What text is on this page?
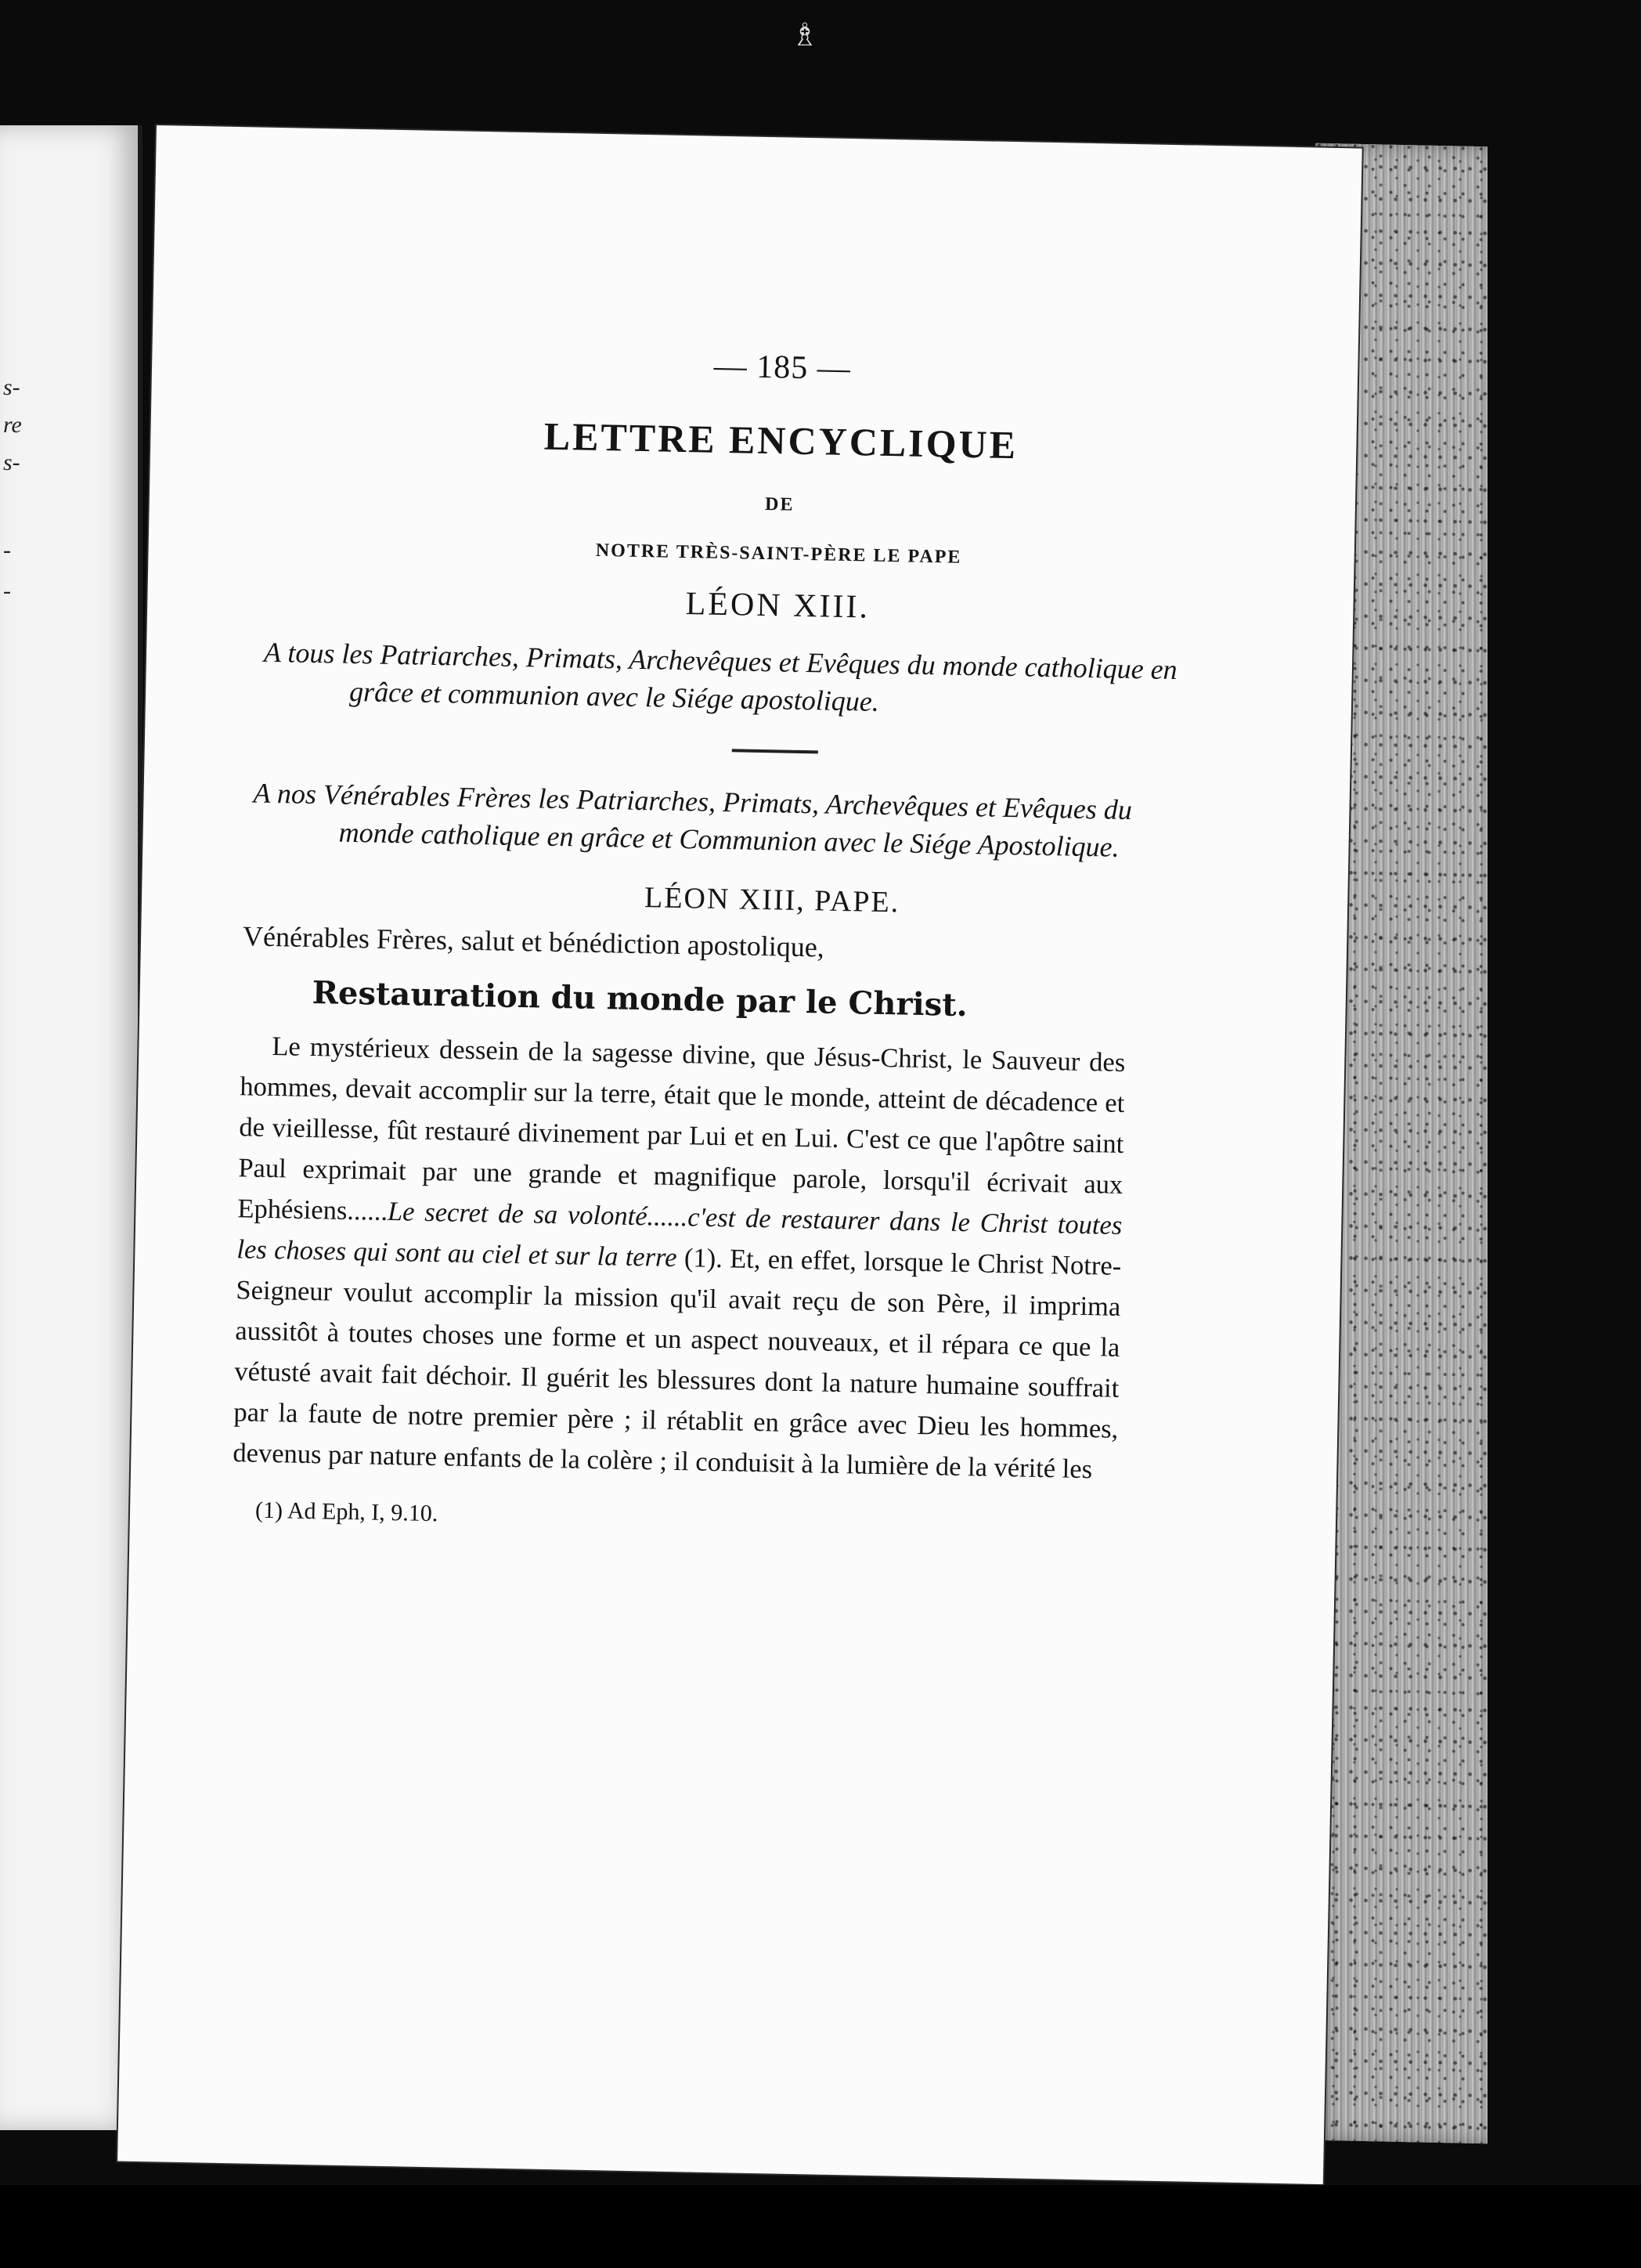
♗
s-
re
s-
-
-
— 185 —
LETTRE ENCYCLIQUE
DE
NOTRE TRÈS-SAINT-PÈRE LE PAPE
LÉON XIII.
A tous les Patriarches, Primats, Archevêques et Evêques du monde catholique en grâce et communion avec le Siége apostolique.
A nos Vénérables Frères les Patriarches, Primats, Archevêques et Evêques du monde catholique en grâce et Communion avec le Siége Apostolique.
LÉON XIII, PAPE.
Vénérables Frères, salut et bénédiction apostolique,
Restauration du monde par le Christ.
Le mystérieux dessein de la sagesse divine, que Jésus-Christ, le Sauveur des hommes, devait accomplir sur la terre, était que le monde, atteint de décadence et de vieillesse, fût restauré divinement par Lui et en Lui. C'est ce que l'apôtre saint Paul exprimait par une grande et magnifique parole, lorsqu'il écrivait aux Ephésiens......Le secret de sa volonté......c'est de restaurer dans le Christ toutes les choses qui sont au ciel et sur la terre (1). Et, en effet, lorsque le Christ Notre-Seigneur voulut accomplir la mission qu'il avait reçu de son Père, il imprima aussitôt à toutes choses une forme et un aspect nouveaux, et il répara ce que la vétusté avait fait déchoir. Il guérit les blessures dont la nature humaine souffrait par la faute de notre premier père ; il rétablit en grâce avec Dieu les hommes, devenus par nature enfants de la colère ; il conduisit à la lumière de la vérité les
(1) Ad Eph, I, 9.10.
